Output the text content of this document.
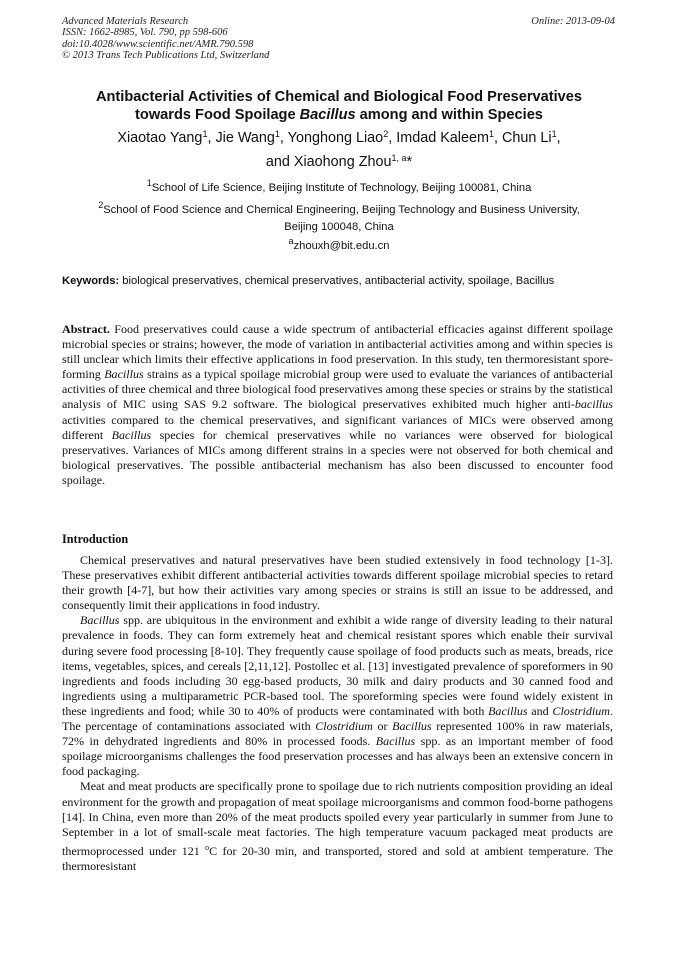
Advanced Materials Research
ISSN: 1662-8985, Vol. 790, pp 598-606
doi:10.4028/www.scientific.net/AMR.790.598
© 2013 Trans Tech Publications Ltd, Switzerland
Online: 2013-09-04
Antibacterial Activities of Chemical and Biological Food Preservatives
towards Food Spoilage Bacillus among and within Species
Xiaotao Yang$^1$, Jie Wang$^1$, Yonghong Liao$^2$, Imdad Kaleem$^1$, Chun Li$^1$,
and Xiaohong Zhou$^{1, a}$*
$^1$School of Life Science, Beijing Institute of Technology, Beijing 100081, China
$^2$School of Food Science and Chemical Engineering, Beijing Technology and Business University,
Beijing 100048, China
$^a$zhouxh@bit.edu.cn
Keywords: biological preservatives, chemical preservatives, antibacterial activity, spoilage, Bacillus
Abstract. Food preservatives could cause a wide spectrum of antibacterial efficacies against different spoilage microbial species or strains; however, the mode of variation in antibacterial activities among and within species is still unclear which limits their effective applications in food preservation. In this study, ten thermoresistant spore-forming Bacillus strains as a typical spoilage microbial group were used to evaluate the variances of antibacterial activities of three chemical and three biological food preservatives among these species or strains by the statistical analysis of MIC using SAS 9.2 software. The biological preservatives exhibited much higher anti-bacillus activities compared to the chemical preservatives, and significant variances of MICs were observed among different Bacillus species for chemical preservatives while no variances were observed for biological preservatives. Variances of MICs among different strains in a species were not observed for both chemical and biological preservatives. The possible antibacterial mechanism has also been discussed to encounter food spoilage.
Introduction

Chemical preservatives and natural preservatives have been studied extensively in food technology [1-3]. These preservatives exhibit different antibacterial activities towards different spoilage microbial species to retard their growth [4-7], but how their activities vary among species or strains is still an issue to be addressed, and consequently limit their applications in food industry.

Bacillus spp. are ubiquitous in the environment and exhibit a wide range of diversity leading to their natural prevalence in foods. They can form extremely heat and chemical resistant spores which enable their survival during severe food processing [8-10]. They frequently cause spoilage of food products such as meats, breads, rice items, vegetables, spices, and cereals [2,11,12]. Postollec et al. [13] investigated prevalence of sporeformers in 90 ingredients and foods including 30 egg-based products, 30 milk and dairy products and 30 canned food and ingredients using a multiparametric PCR-based tool. The sporeforming species were found widely existent in these ingredients and food; while 30 to 40% of products were contaminated with both Bacillus and Clostridium. The percentage of contaminations associated with Clostridium or Bacillus represented 100% in raw materials, 72% in dehydrated ingredients and 80% in processed foods. Bacillus spp. as an important member of food spoilage microorganisms challenges the food preservation processes and has always been an extensive concern in food packaging.

Meat and meat products are specifically prone to spoilage due to rich nutrients composition providing an ideal environment for the growth and propagation of meat spoilage microorganisms and common food-borne pathogens [14]. In China, even more than 20% of the meat products spoiled every year particularly in summer from June to September in a lot of small-scale meat factories. The high temperature vacuum packaged meat products are thermoprocessed under 121 $^o$C for 20-30 min, and transported, stored and sold at ambient temperature. The thermoresistant
